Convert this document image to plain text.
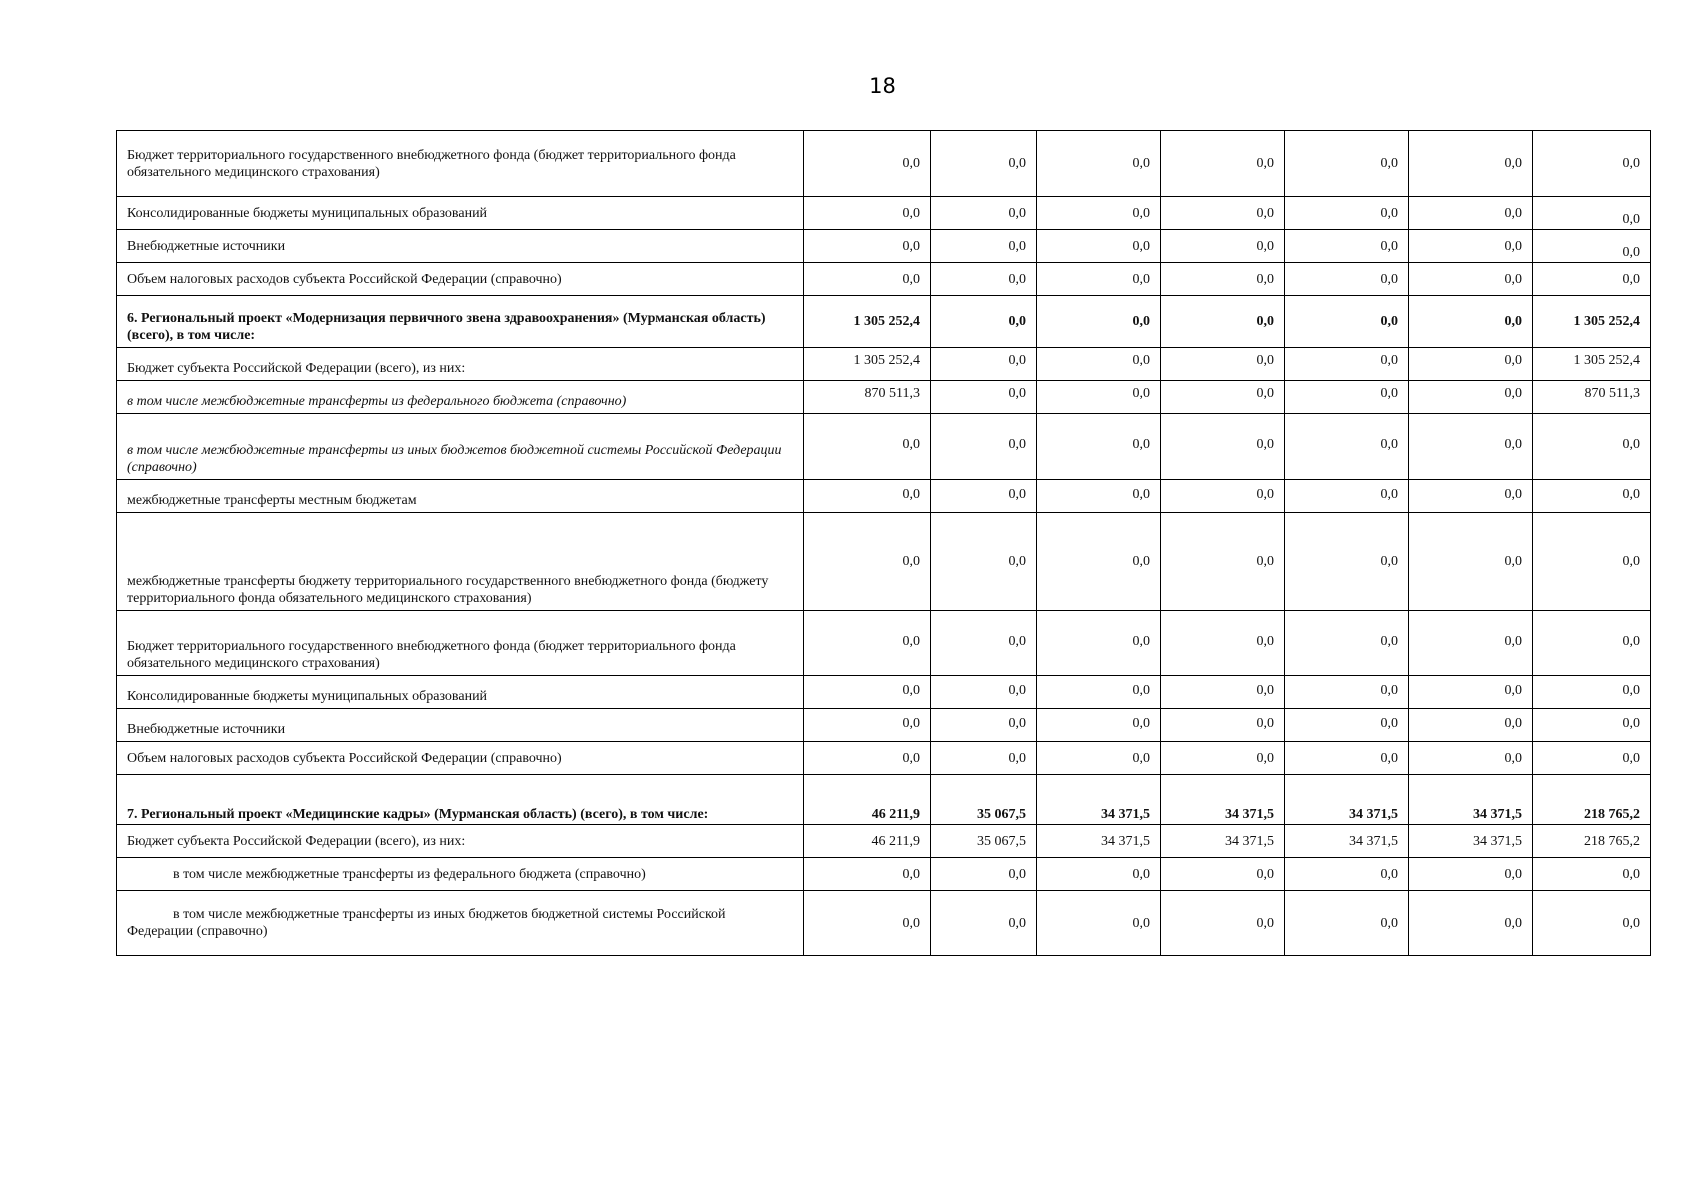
18
Бюджет территориального государственного внебюджетного фонда (бюджет территориального фонда обязательного медицинского страхования)	0,0	0,0	0,0	0,0	0,0	0,0	0,0
Консолидированные бюджеты муниципальных образований	0,0	0,0	0,0	0,0	0,0	0,0	0,0
Внебюджетные источники	0,0	0,0	0,0	0,0	0,0	0,0	0,0
Объем налоговых расходов субъекта Российской Федерации (справочно)	0,0	0,0	0,0	0,0	0,0	0,0	0,0
6. Региональный проект «Модернизация первичного звена здравоохранения» (Мурманская область) (всего), в том числе:	1 305 252,4	0,0	0,0	0,0	0,0	0,0	1 305 252,4
Бюджет субъекта Российской Федерации (всего), из них:	1 305 252,4	0,0	0,0	0,0	0,0	0,0	1 305 252,4
в том числе межбюджетные трансферты из федерального бюджета (справочно)	870 511,3	0,0	0,0	0,0	0,0	0,0	870 511,3
в том числе межбюджетные трансферты из иных бюджетов бюджетной системы Российской Федерации (справочно)	0,0	0,0	0,0	0,0	0,0	0,0	0,0
межбюджетные трансферты местным бюджетам	0,0	0,0	0,0	0,0	0,0	0,0	0,0
межбюджетные трансферты бюджету территориального государственного внебюджетного фонда (бюджету территориального фонда обязательного медицинского страхования)	0,0	0,0	0,0	0,0	0,0	0,0	0,0
Бюджет территориального государственного внебюджетного фонда (бюджет территориального фонда обязательного медицинского страхования)	0,0	0,0	0,0	0,0	0,0	0,0	0,0
Консолидированные бюджеты муниципальных образований	0,0	0,0	0,0	0,0	0,0	0,0	0,0
Внебюджетные источники	0,0	0,0	0,0	0,0	0,0	0,0	0,0
Объем налоговых расходов субъекта Российской Федерации (справочно)	0,0	0,0	0,0	0,0	0,0	0,0	0,0
7. Региональный проект «Медицинские кадры» (Мурманская область) (всего), в том числе:	46 211,9	35 067,5	34 371,5	34 371,5	34 371,5	34 371,5	218 765,2
Бюджет субъекта Российской Федерации (всего), из них:	46 211,9	35 067,5	34 371,5	34 371,5	34 371,5	34 371,5	218 765,2
в том числе межбюджетные трансферты из федерального бюджета (справочно)	0,0	0,0	0,0	0,0	0,0	0,0	0,0
в том числе межбюджетные трансферты из иных бюджетов бюджетной системы Российской Федерации (справочно)	0,0	0,0	0,0	0,0	0,0	0,0	0,0
